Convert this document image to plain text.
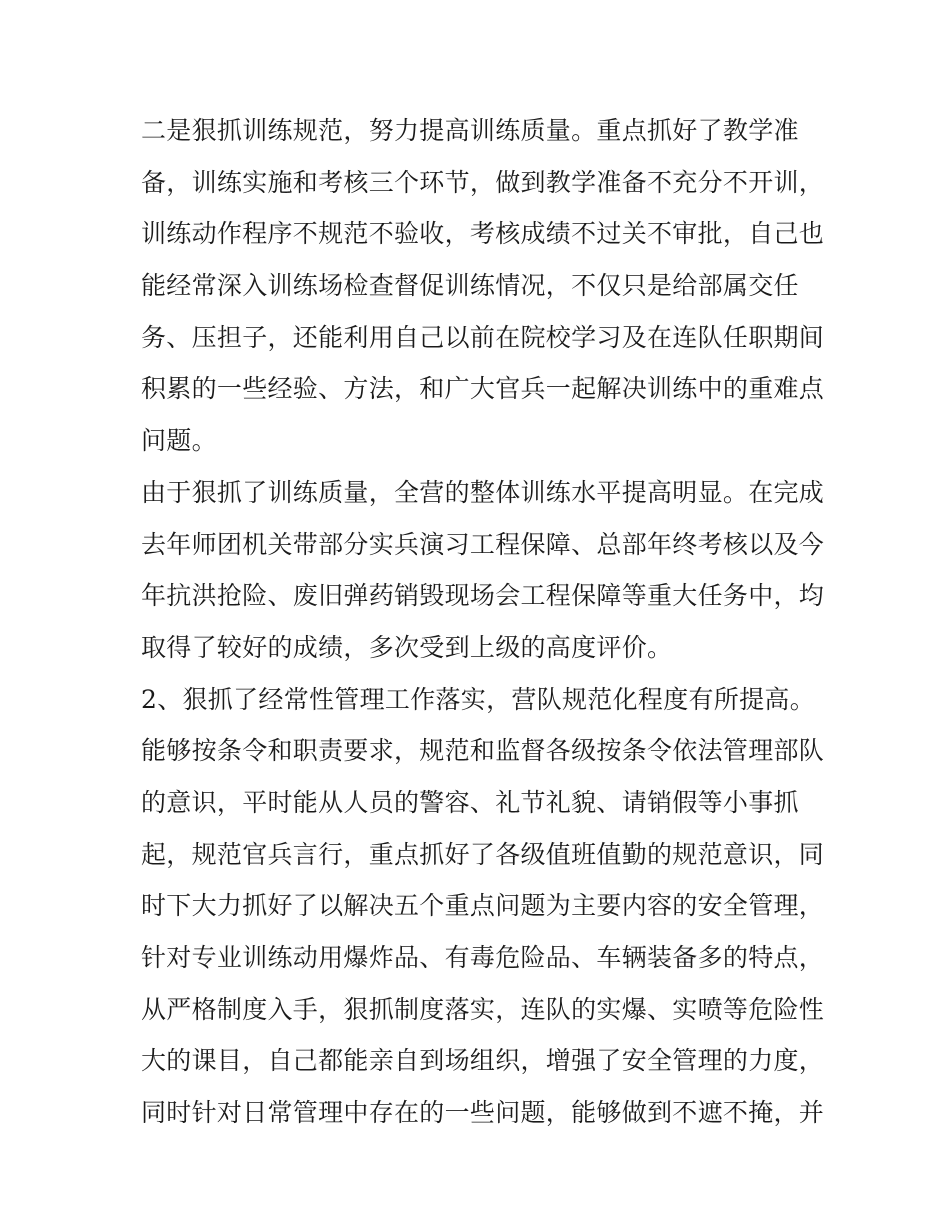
二是狠抓训练规范，努力提高训练质量。重点抓好了教学准
备，训练实施和考核三个环节，做到教学准备不充分不开训，
训练动作程序不规范不验收，考核成绩不过关不审批，自己也
能经常深入训练场检查督促训练情况，不仅只是给部属交任
务、压担子，还能利用自己以前在院校学习及在连队任职期间
积累的一些经验、方法，和广大官兵一起解决训练中的重难点
问题。
由于狠抓了训练质量，全营的整体训练水平提高明显。在完成
去年师团机关带部分实兵演习工程保障、总部年终考核以及今
年抗洪抢险、废旧弹药销毁现场会工程保障等重大任务中，均
取得了较好的成绩，多次受到上级的高度评价。
2、狠抓了经常性管理工作落实，营队规范化程度有所提高。
能够按条令和职责要求，规范和监督各级按条令依法管理部队
的意识，平时能从人员的警容、礼节礼貌、请销假等小事抓
起，规范官兵言行，重点抓好了各级值班值勤的规范意识，同
时下大力抓好了以解决五个重点问题为主要内容的安全管理，
针对专业训练动用爆炸品、有毒危险品、车辆装备多的特点，
从严格制度入手，狠抓制度落实，连队的实爆、实喷等危险性
大的课目，自己都能亲自到场组织，增强了安全管理的力度，
同时针对日常管理中存在的一些问题，能够做到不遮不掩，并
